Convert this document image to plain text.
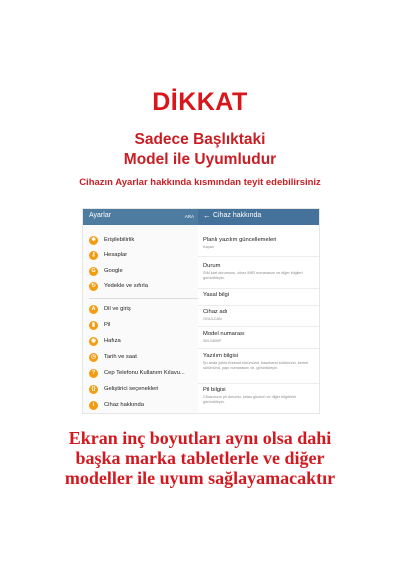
DİKKAT
Sadece Başlıktaki
Model ile Uyumludur
Cihazın Ayarlar hakkında kısmından teyit edebilirsiniz
Ayarlar	ARA
✱	Erişilebilirlik
⚷	Hesaplar
G	Google
↻	Yedekle ve sıfırla
A	Dil ve giriş
▮	Pil
◉	Hafıza
◷	Tarih ve saat
?	Cep Telefonu Kullanım Kılavu...
{}	Geliştirici seçenekleri
i	Cihaz hakkında
← Cihaz hakkında
Planlı yazılım güncellemeleri
Kapalı
Durum
SIM kart durumunu, cihaz IMEI numarasını ve diğer bilgileri görüntüleyin.
Yasal bilgi
Cihaz adı
OGULCAN
Model numarası
SM-G600F
Yazılım bilgisi
Şu anda yüklü Android sürümünü, baseband sürümünü, kernel sürümünü, yapı numarasını vb. görüntüleyin.
Pil bilgisi
Cihazınızın pil durumu, kalan gücünü ve diğer bilgilerini görüntüleyin.
Ekran inç boyutları aynı olsa dahi
başka marka tabletlerle ve diğer
modeller ile uyum sağlayamacaktır
